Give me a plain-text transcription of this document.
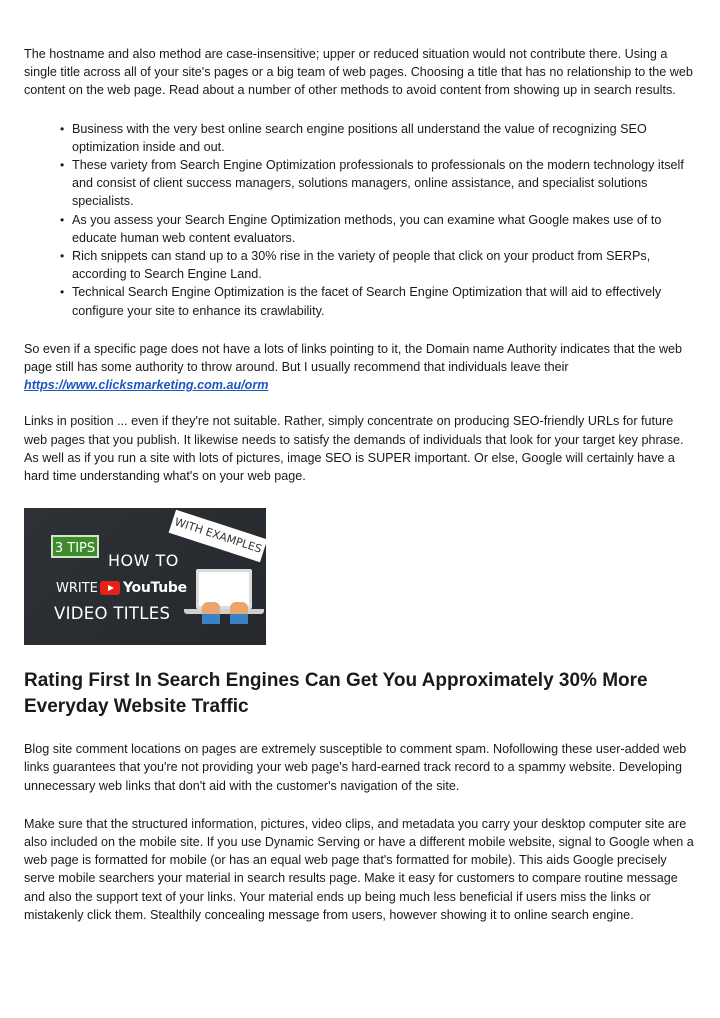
The hostname and also method are case-insensitive; upper or reduced situation would not contribute there. Using a single title across all of your site's pages or a big team of web pages. Choosing a title that has no relationship to the web content on the web page. Read about a number of other methods to avoid content from showing up in search results.

• Business with the very best online search engine positions all understand the value of recognizing SEO optimization inside and out.
• These variety from Search Engine Optimization professionals to professionals on the modern technology itself and consist of client success managers, solutions managers, online assistance, and specialist solutions specialists.
• As you assess your Search Engine Optimization methods, you can examine what Google makes use of to educate human web content evaluators.
• Rich snippets can stand up to a 30% rise in the variety of people that click on your product from SERPs, according to Search Engine Land.
• Technical Search Engine Optimization is the facet of Search Engine Optimization that will aid to effectively configure your site to enhance its crawlability.

So even if a specific page does not have a lots of links pointing to it, the Domain name Authority indicates that the web page still has some authority to throw around. But I usually recommend that individuals leave their
https://www.clicksmarketing.com.au/orm

Links in position ... even if they're not suitable. Rather, simply concentrate on producing SEO-friendly URLs for future web pages that you publish. It likewise needs to satisfy the demands of individuals that look for your target key phrase. As well as if you run a site with lots of pictures, image SEO is SUPER important. Or else, Google will certainly have a hard time understanding what's on your web page.

WITH EXAMPLES
3 TIPS
HOW TO
WRITE YouTube
VIDEO TITLES
Rating First In Search Engines Can Get You Approximately 30% More Everyday Website Traffic

Blog site comment locations on pages are extremely susceptible to comment spam. Nofollowing these user-added web links guarantees that you're not providing your web page's hard-earned track record to a spammy website. Developing unnecessary web links that don't aid with the customer's navigation of the site.

Make sure that the structured information, pictures, video clips, and metadata you carry your desktop computer site are also included on the mobile site. If you use Dynamic Serving or have a different mobile website, signal to Google when a web page is formatted for mobile (or has an equal web page that's formatted for mobile). This aids Google precisely serve mobile searchers your material in search results page. Make it easy for customers to compare routine message and also the support text of your links. Your material ends up being much less beneficial if users miss the links or mistakenly click them. Stealthily concealing message from users, however showing it to online search engine.
